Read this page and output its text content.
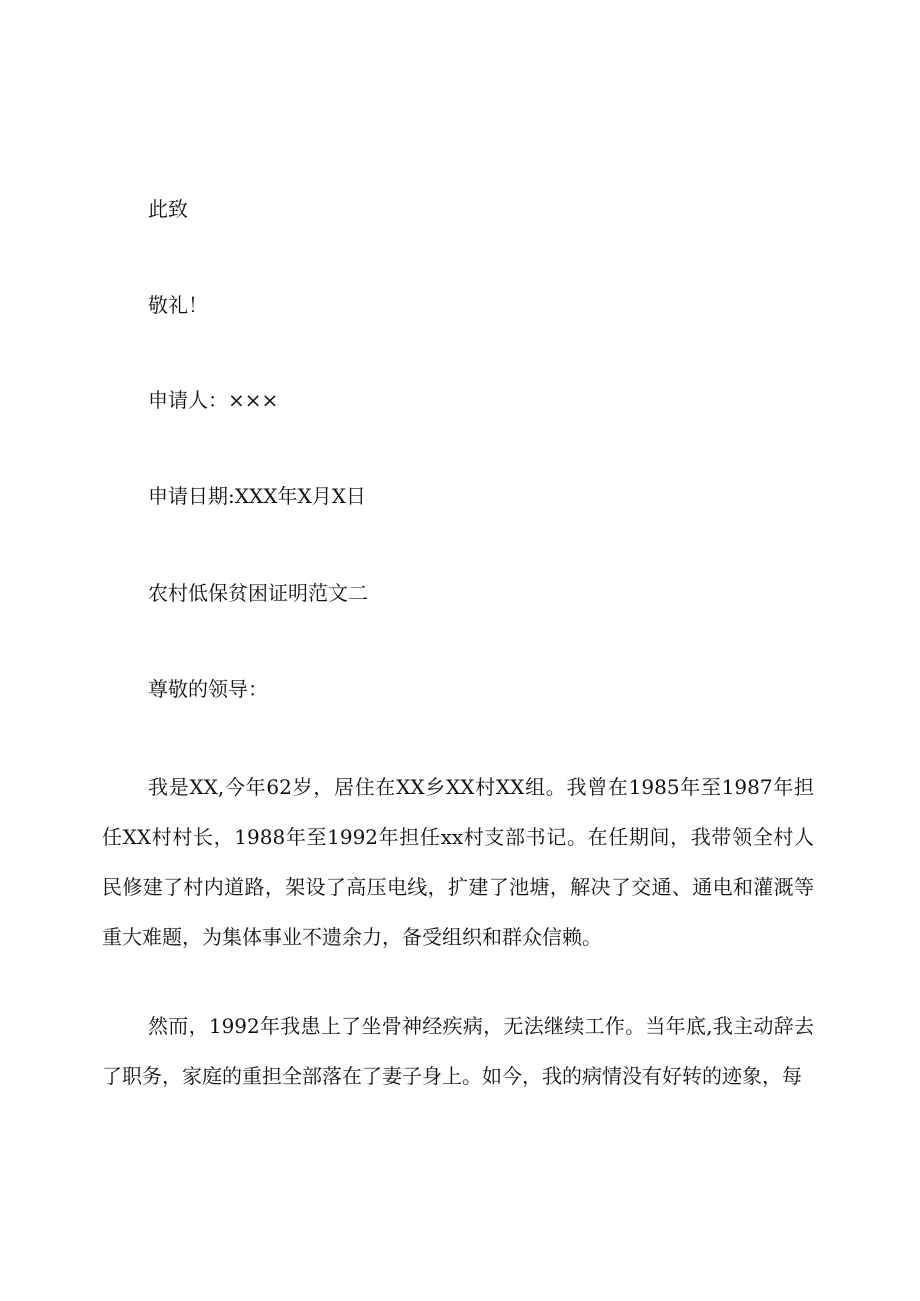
此致

敬礼！

申请人：×××

申请日期:XXX年X月X日

农村低保贫困证明范文二

尊敬的领导：

我是XX,今年62岁，居住在XX乡XX村XX组。我曾在1985年至1987年担任XX村村长，1988年至1992年担任xx村支部书记。在任期间，我带领全村人民修建了村内道路，架设了高压电线，扩建了池塘，解决了交通、通电和灌溉等重大难题，为集体事业不遗余力，备受组织和群众信赖。

然而，1992年我患上了坐骨神经疾病，无法继续工作。当年底,我主动辞去了职务，家庭的重担全部落在了妻子身上。如今，我的病情没有好转的迹象，每
